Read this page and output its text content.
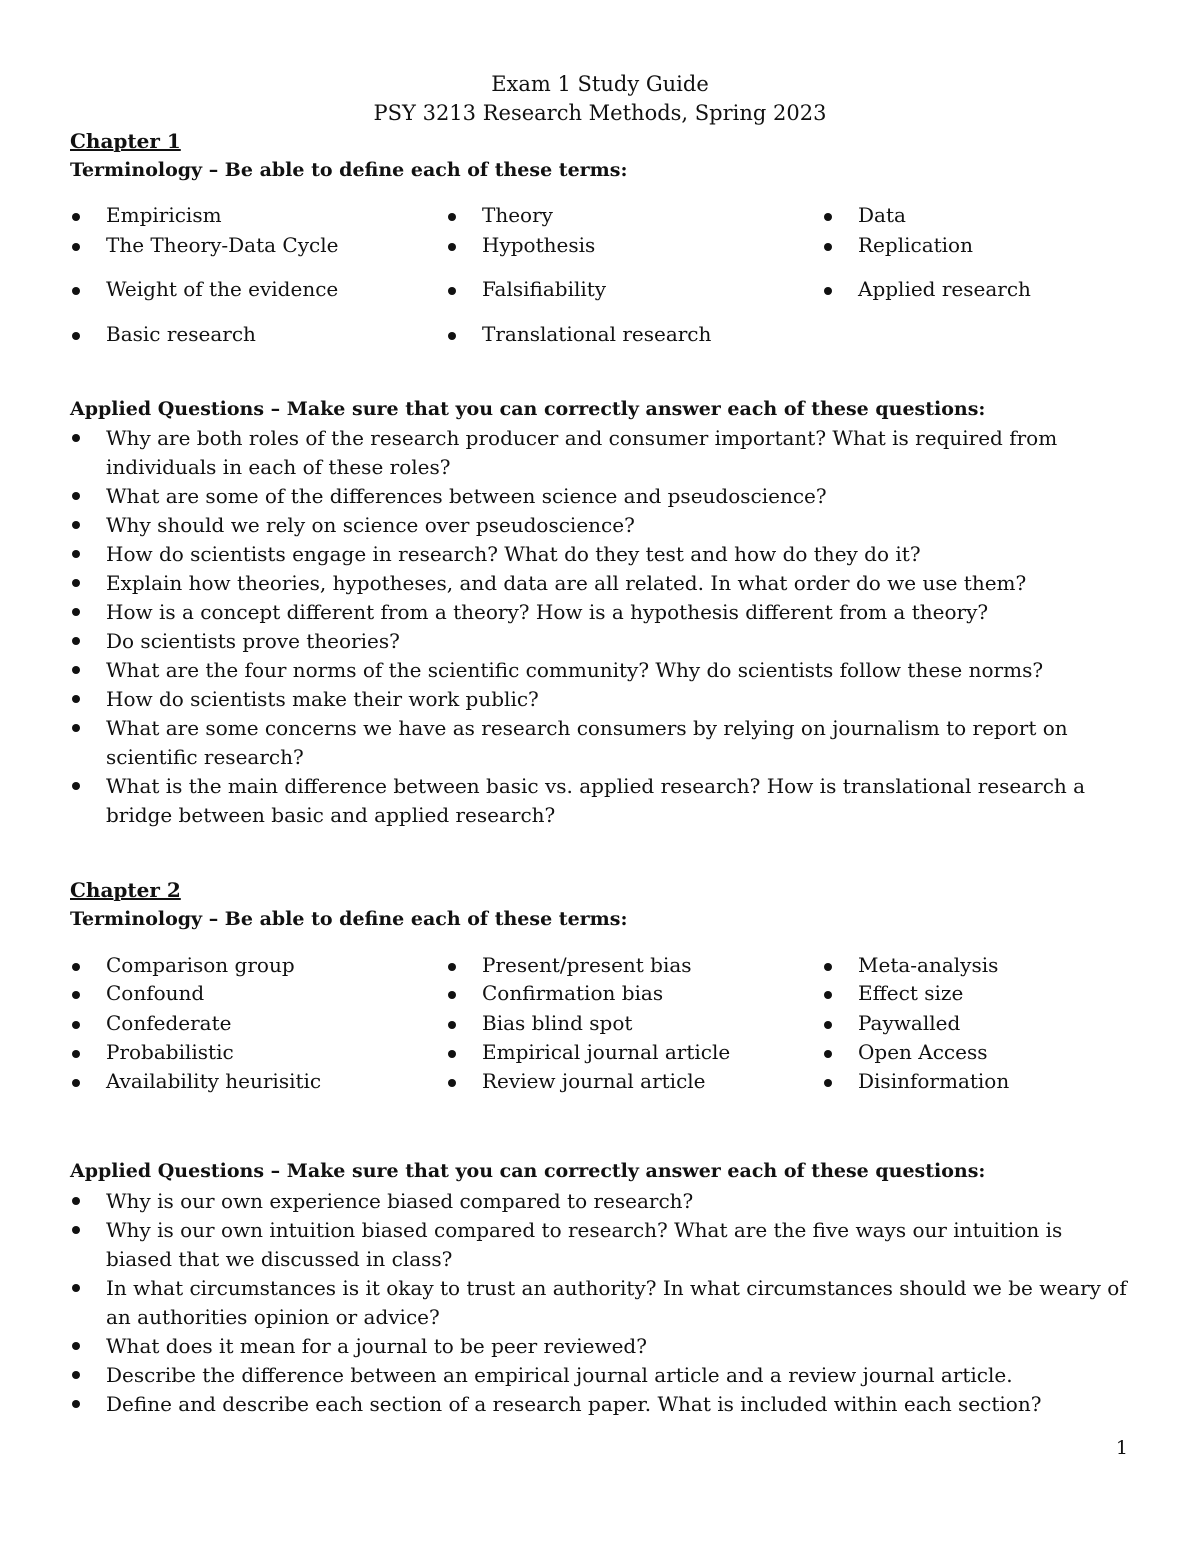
Exam 1 Study Guide
PSY 3213 Research Methods, Spring 2023
Chapter 1
Terminology – Be able to define each of these terms:
Empiricism	Theory	Data
The Theory-Data Cycle	Hypothesis	Replication
Weight of the evidence	Falsifiability	Applied research
Basic research	Translational research
Applied Questions – Make sure that you can correctly answer each of these questions:
Why are both roles of the research producer and consumer important? What is required from individuals in each of these roles?
What are some of the differences between science and pseudoscience?
Why should we rely on science over pseudoscience?
How do scientists engage in research? What do they test and how do they do it?
Explain how theories, hypotheses, and data are all related. In what order do we use them?
How is a concept different from a theory? How is a hypothesis different from a theory?
Do scientists prove theories?
What are the four norms of the scientific community? Why do scientists follow these norms?
How do scientists make their work public?
What are some concerns we have as research consumers by relying on journalism to report on scientific research?
What is the main difference between basic vs. applied research? How is translational research a bridge between basic and applied research?
Chapter 2
Terminology – Be able to define each of these terms:
Comparison group	Present/present bias	Meta-analysis
Confound	Confirmation bias	Effect size
Confederate	Bias blind spot	Paywalled
Probabilistic	Empirical journal article	Open Access
Availability heurisitic	Review journal article	Disinformation
Applied Questions – Make sure that you can correctly answer each of these questions:
Why is our own experience biased compared to research?
Why is our own intuition biased compared to research? What are the five ways our intuition is biased that we discussed in class?
In what circumstances is it okay to trust an authority? In what circumstances should we be weary of an authorities opinion or advice?
What does it mean for a journal to be peer reviewed?
Describe the difference between an empirical journal article and a review journal article.
Define and describe each section of a research paper. What is included within each section?
1
